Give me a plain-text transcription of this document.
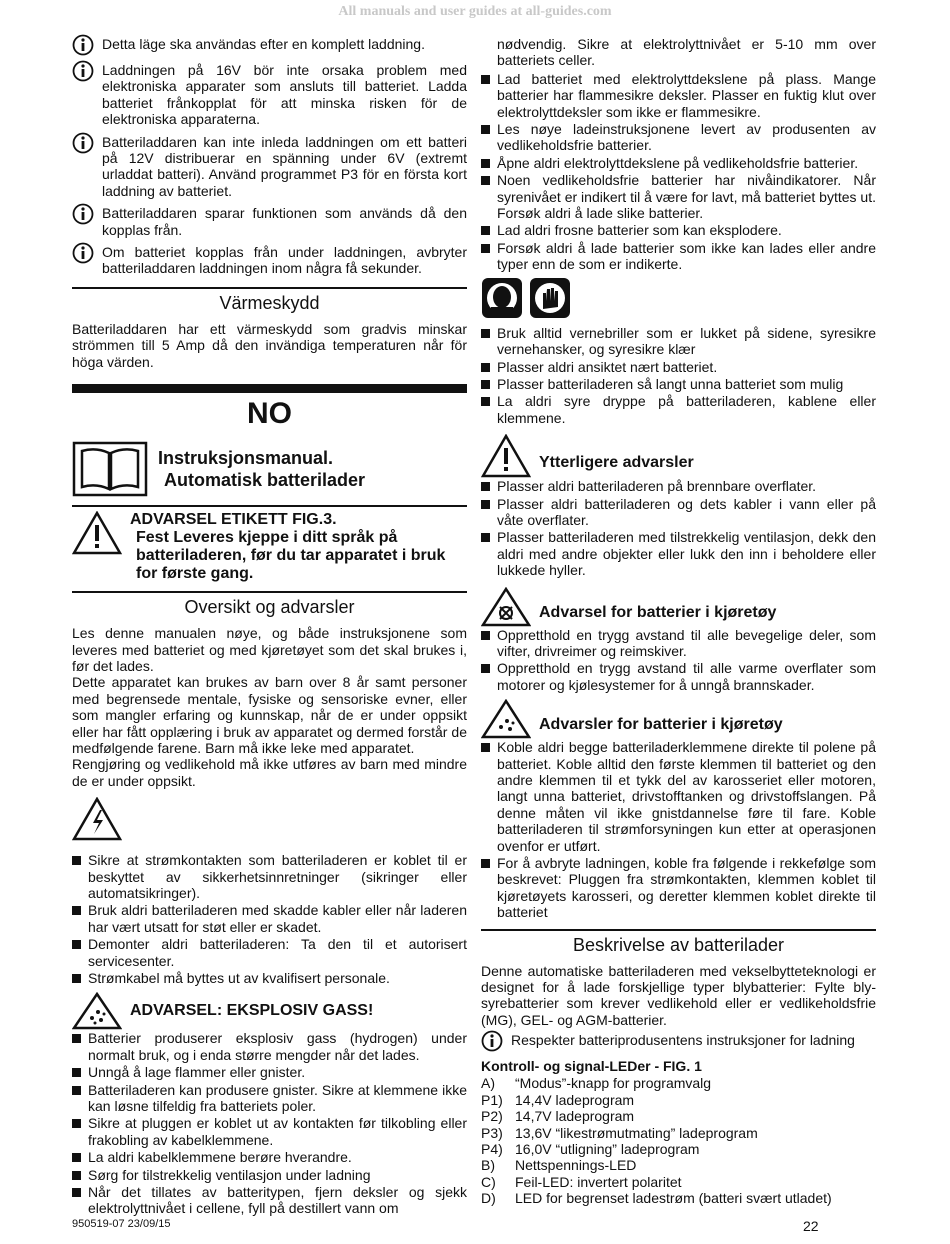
All manuals and user guides at all-guides.com
Detta läge ska användas efter en komplett laddning.
Laddningen på 16V bör inte orsaka problem med elektroniska apparater som ansluts till batteriet. Ladda batteriet frånkopplat för att minska risken för de elektroniska apparaterna.
Batteriladdaren kan inte inleda laddningen om ett batteri på 12V distribuerar en spänning under 6V (extremt urladdat batteri). Använd programmet P3 för en första kort laddning av batteriet.
Batteriladdaren sparar funktionen som används då den kopplas från.
Om batteriet kopplas från under laddningen, avbryter batteriladdaren laddningen inom några få sekunder.
Värmeskydd

Batteriladdaren har ett värmeskydd som gradvis minskar strömmen till 5 Amp då den invändiga temperaturen når för höga värden.

NO
Instruksjonsmanual.
Automatisk batterilader
ADVARSEL ETIKETT FIG.3.
Fest Leveres kjeppe i ditt språk på batteriladeren, før du tar apparatet i bruk for første gang.
Oversikt og advarsler

Les denne manualen nøye, og både instruksjonene som leveres med batteriet og med kjøretøyet som det skal brukes i, før det lades.

Dette apparatet kan brukes av barn over 8 år samt personer med begrensede mentale, fysiske og sensoriske evner, eller som mangler erfaring og kunnskap, når de er under oppsikt eller har fått opplæring i bruk av apparatet og dermed forstår de medfølgende farene. Barn må ikke leke med apparatet.

Rengjøring og vedlikehold må ikke utføres av barn med mindre de er under oppsikt.

Sikre at strømkontakten som batteriladeren er koblet til er beskyttet av sikkerhetsinnretninger (sikringer eller automatsikringer).
Bruk aldri batteriladeren med skadde kabler eller når laderen har vært utsatt for støt eller er skadet.
Demonter aldri batteriladeren: Ta den til et autorisert servicesenter.
Strømkabel må byttes ut av kvalifisert personale.
ADVARSEL: EKSPLOSIV GASS!
Batterier produserer eksplosiv gass (hydrogen) under normalt bruk, og i enda større mengder når det lades.
Unngå å lage flammer eller gnister.
Batteriladeren kan produsere gnister. Sikre at klemmene ikke kan løsne tilfeldig fra batteriets poler.
Sikre at pluggen er koblet ut av kontakten før tilkobling eller frakobling av kabelklemmene.
La aldri kabelklemmene berøre hverandre.
Sørg for tilstrekkelig ventilasjon under ladning
Når det tillates av batteritypen, fjern deksler og sjekk elektrolyttnivået i cellene, fyll på destillert vann om

nødvendig. Sikre at elektrolyttnivået er 5-10 mm over batteriets celler.

Lad batteriet med elektrolyttdekslene på plass. Mange batterier har flammesikre deksler. Plasser en fuktig klut over elektrolyttdeksler som ikke er flammesikre.
Les nøye ladeinstruksjonene levert av produsenten av vedlikeholdsfrie batterier.
Åpne aldri elektrolyttdekslene på vedlikeholdsfrie batterier.
Noen vedlikeholdsfrie batterier har nivåindikatorer. Når syrenivået er indikert til å være for lavt, må batteriet byttes ut. Forsøk aldri å lade slike batterier.
Lad aldri frosne batterier som kan eksplodere.
Forsøk aldri å lade batterier som ikke kan lades eller andre typer enn de som er indikerte.
Bruk alltid vernebriller som er lukket på sidene, syresikre vernehansker, og syresikre klær
Plasser aldri ansiktet nært batteriet.
Plasser batteriladeren så langt unna batteriet som mulig
La aldri syre dryppe på batteriladeren, kablene eller klemmene.
Ytterligere advarsler
Plasser aldri batteriladeren på brennbare overflater.
Plasser aldri batteriladeren og dets kabler i vann eller på våte overflater.
Plasser batteriladeren med tilstrekkelig ventilasjon, dekk den aldri med andre objekter eller lukk den inn i beholdere eller lukkede hyller.
Advarsel for batterier i kjøretøy
Oppretthold en trygg avstand til alle bevegelige deler, som vifter, drivreimer og reimskiver.
Oppretthold en trygg avstand til alle varme overflater som motorer og kjølesystemer for å unngå brannskader.
Advarsler for batterier i kjøretøy
Koble aldri begge batteriladerklemmene direkte til polene på batteriet. Koble alltid den første klemmen til batteriet og den andre klemmen til et tykk del av karosseriet eller motoren, langt unna batteriet, drivstofftanken og drivstoffslangen. På denne måten vil ikke gnistdannelse føre til fare. Koble batteriladeren til strømforsyningen kun etter at operasjonen ovenfor er utført.
For å avbryte ladningen, koble fra følgende i rekkefølge som beskrevet: Pluggen fra strømkontakten, klemmen koblet til kjøretøyets karosseri, og deretter klemmen koblet direkte til batteriet
Beskrivelse av batterilader

Denne automatiske batteriladeren med vekselbytteteknologi er designet for å lade forskjellige typer blybatterier: Fylte bly-syrebatterier som krever vedlikehold eller er vedlikeholdsfrie (MG), GEL- og AGM-batterier.

Respekter batteriprodusentens instruksjoner for ladning
Kontroll- og signal-LEDer - FIG. 1
A)	“Modus”-knapp for programvalg
P1) 14,4V ladeprogram
P2) 14,7V ladeprogram
P3) 13,6V “likestrømutmating” ladeprogram
P4) 16,0V “utligning” ladeprogram
B)	Nettspennings-LED
C)	Feil-LED: invertert polaritet
D)	LED for begrenset ladestrøm (batteri svært utladet)
950519-07 23/09/15	22
